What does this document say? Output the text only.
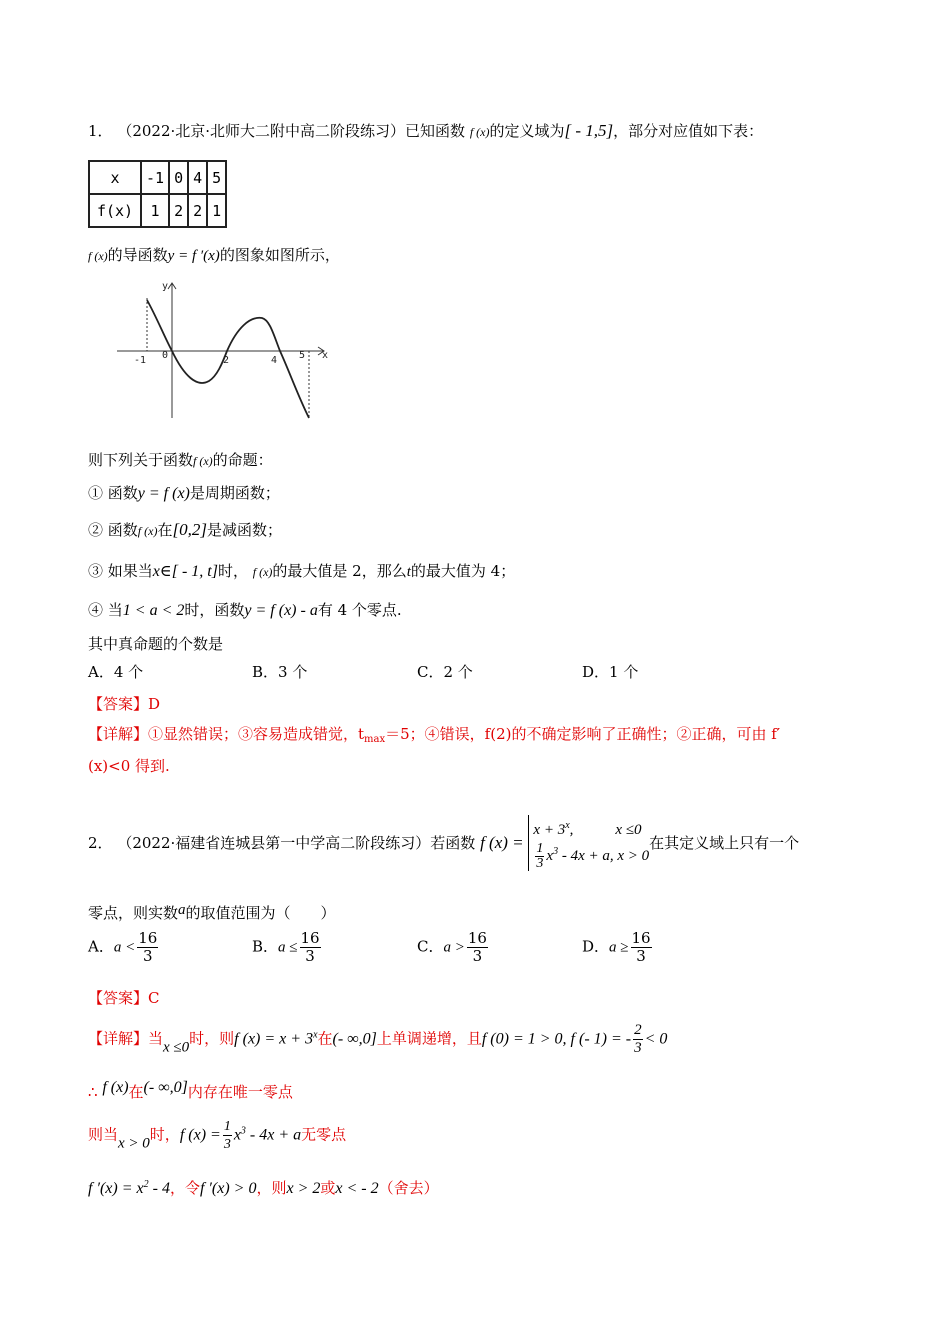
1． （2022·北京·北师大二附中高二阶段练习）已知函数 f (x)的定义域为[ - 1,5]，部分对应值如下表：
x	-1	0	4	5
f(x)	1	2	2	1
f (x)的导函数y = f ′(x)的图象如图所示，
y
x
-1 0	2	4 5
则下列关于函数f (x)的命题：
① 函数y = f (x)是周期函数；
② 函数f (x)在[0,2]是减函数；
③ 如果当x∈[ - 1, t]时， f (x)的最大值是 2，那么t的最大值为 4；
④ 当1 < a < 2时，函数y = f (x) - a有 4 个零点.
其中真命题的个数是
A．4 个	B．3 个	C．2 个	D．1 个
【答案】D
【详解】①显然错误；③容易造成错觉，$t_{max}=5$；④错误，f(2)的不确定影响了正确性；②正确，可由 f′
(x)<0 得到.
2． （2022·福建省连城县第一中学高二阶段练习）若函数 f (x) =
$x + 3^x$,	x ≤0
$\frac{1}{3} x^3 - 4x + a$, x > 0
在其定义域上只有一个
零点，则实数a的取值范围为（　　）
A．$a < \frac{16}{3}$	B．$a \le \frac{16}{3}$	C．$a > \frac{16}{3}$	D．$a \ge \frac{16}{3}$
【答案】C
【详解】当x ≤0时，则f $(x) = x + 3^x$在(- ∞,0]上单调递增，且f (0) = 1 > 0, f (- 1) = - $\frac{2}{3} < 0$
∴ f (x)在(- ∞,0]内存在唯一零点
则当x > 0时，f $(x) = \frac{1}{3} x^3 - 4x + a$无零点
f $'(x) = x^2 - 4$，令f ′(x) > 0，则x > 2或x < - 2（舍去）
